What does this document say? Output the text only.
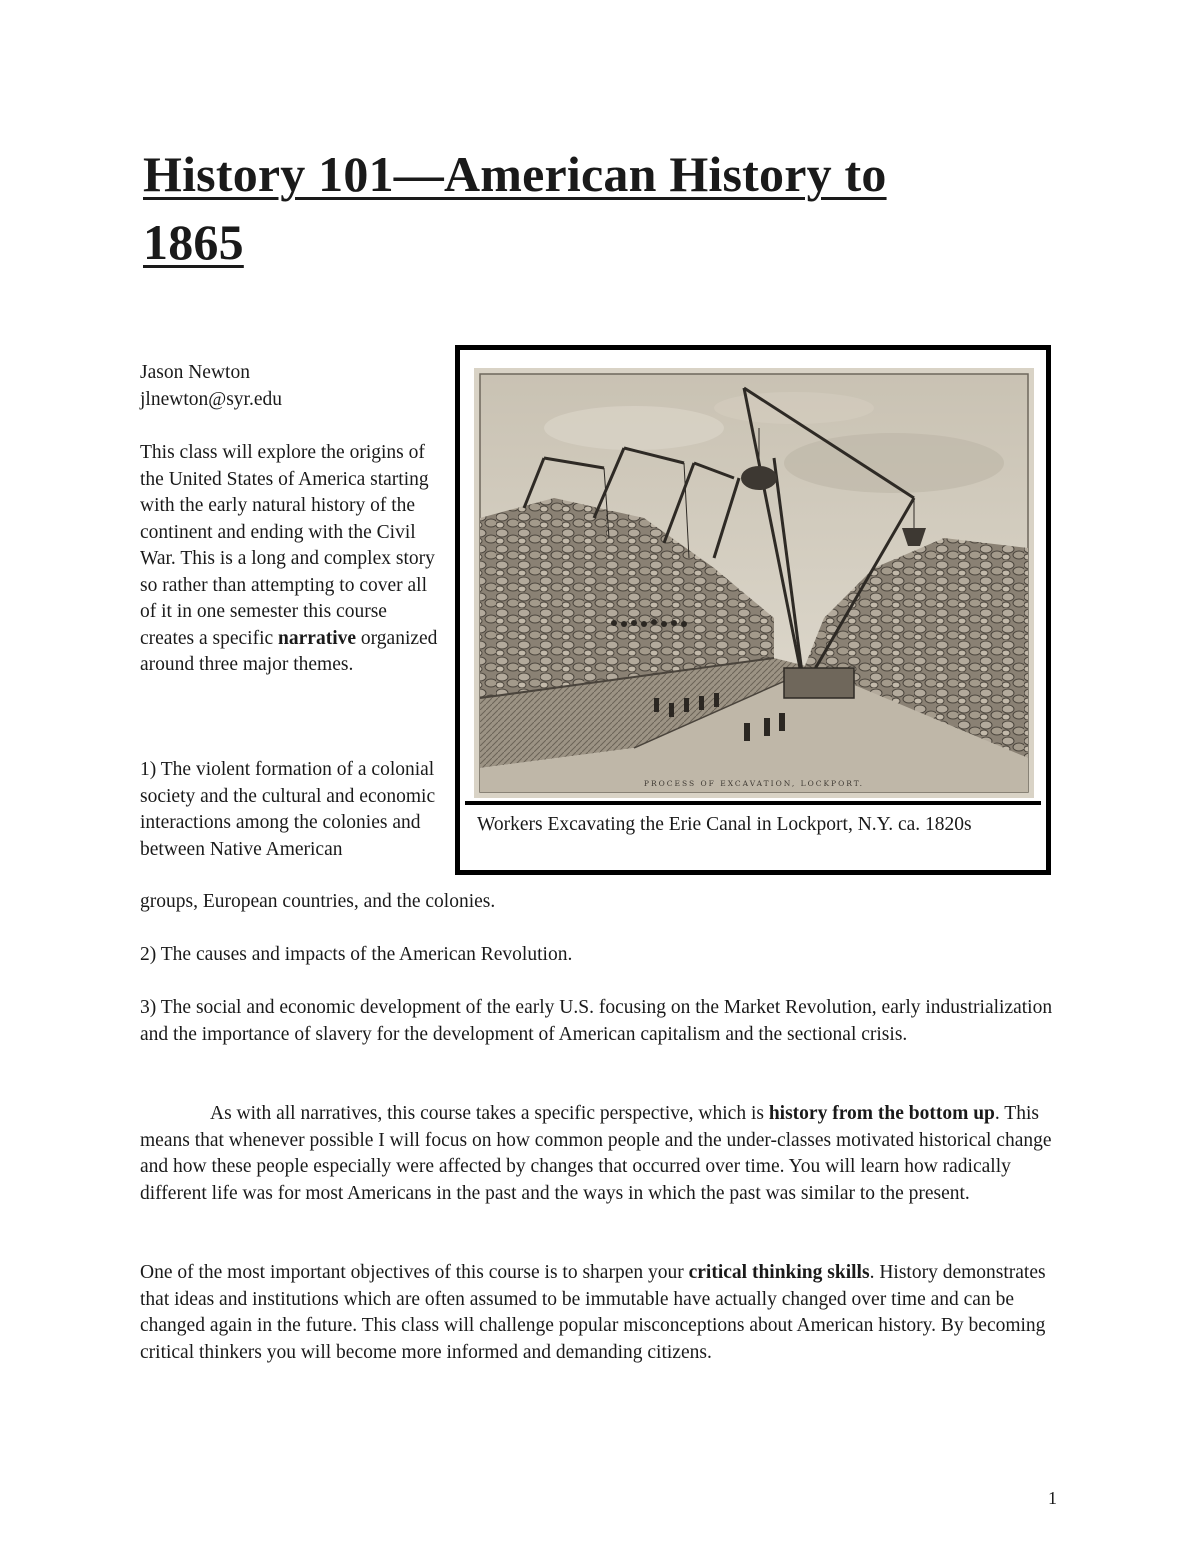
History 101—American History to
1865
Jason Newton
jlnewton@syr.edu

This class will explore the origins of the United States of America starting with the early natural history of the continent and ending with the Civil War. This is a long and complex story so rather than attempting to cover all of it in one semester this course creates a specific narrative organized around three major themes.

1) The violent formation of a colonial society and the cultural and economic interactions among the colonies and between Native American

groups, European countries, and the colonies.

2) The causes and impacts of the American Revolution.

3) The social and economic development of the early U.S. focusing on the Market Revolution, early industrialization and the importance of slavery for the development of American capitalism and the sectional crisis.

As with all narratives, this course takes a specific perspective, which is history from the bottom up. This means that whenever possible I will focus on how common people and the under-classes motivated historical change and how these people especially were affected by changes that occurred over time. You will learn how radically different life was for most Americans in the past and the ways in which the past was similar to the present.

One of the most important objectives of this course is to sharpen your critical thinking skills. History demonstrates that ideas and institutions which are often assumed to be immutable have actually changed over time and can be changed again in the future. This class will challenge popular misconceptions about American history. By becoming critical thinkers you will become more informed and demanding citizens.

PROCESS OF EXCAVATION, LOCKPORT.
Workers Excavating the Erie Canal in Lockport, N.Y. ca. 1820s
1
